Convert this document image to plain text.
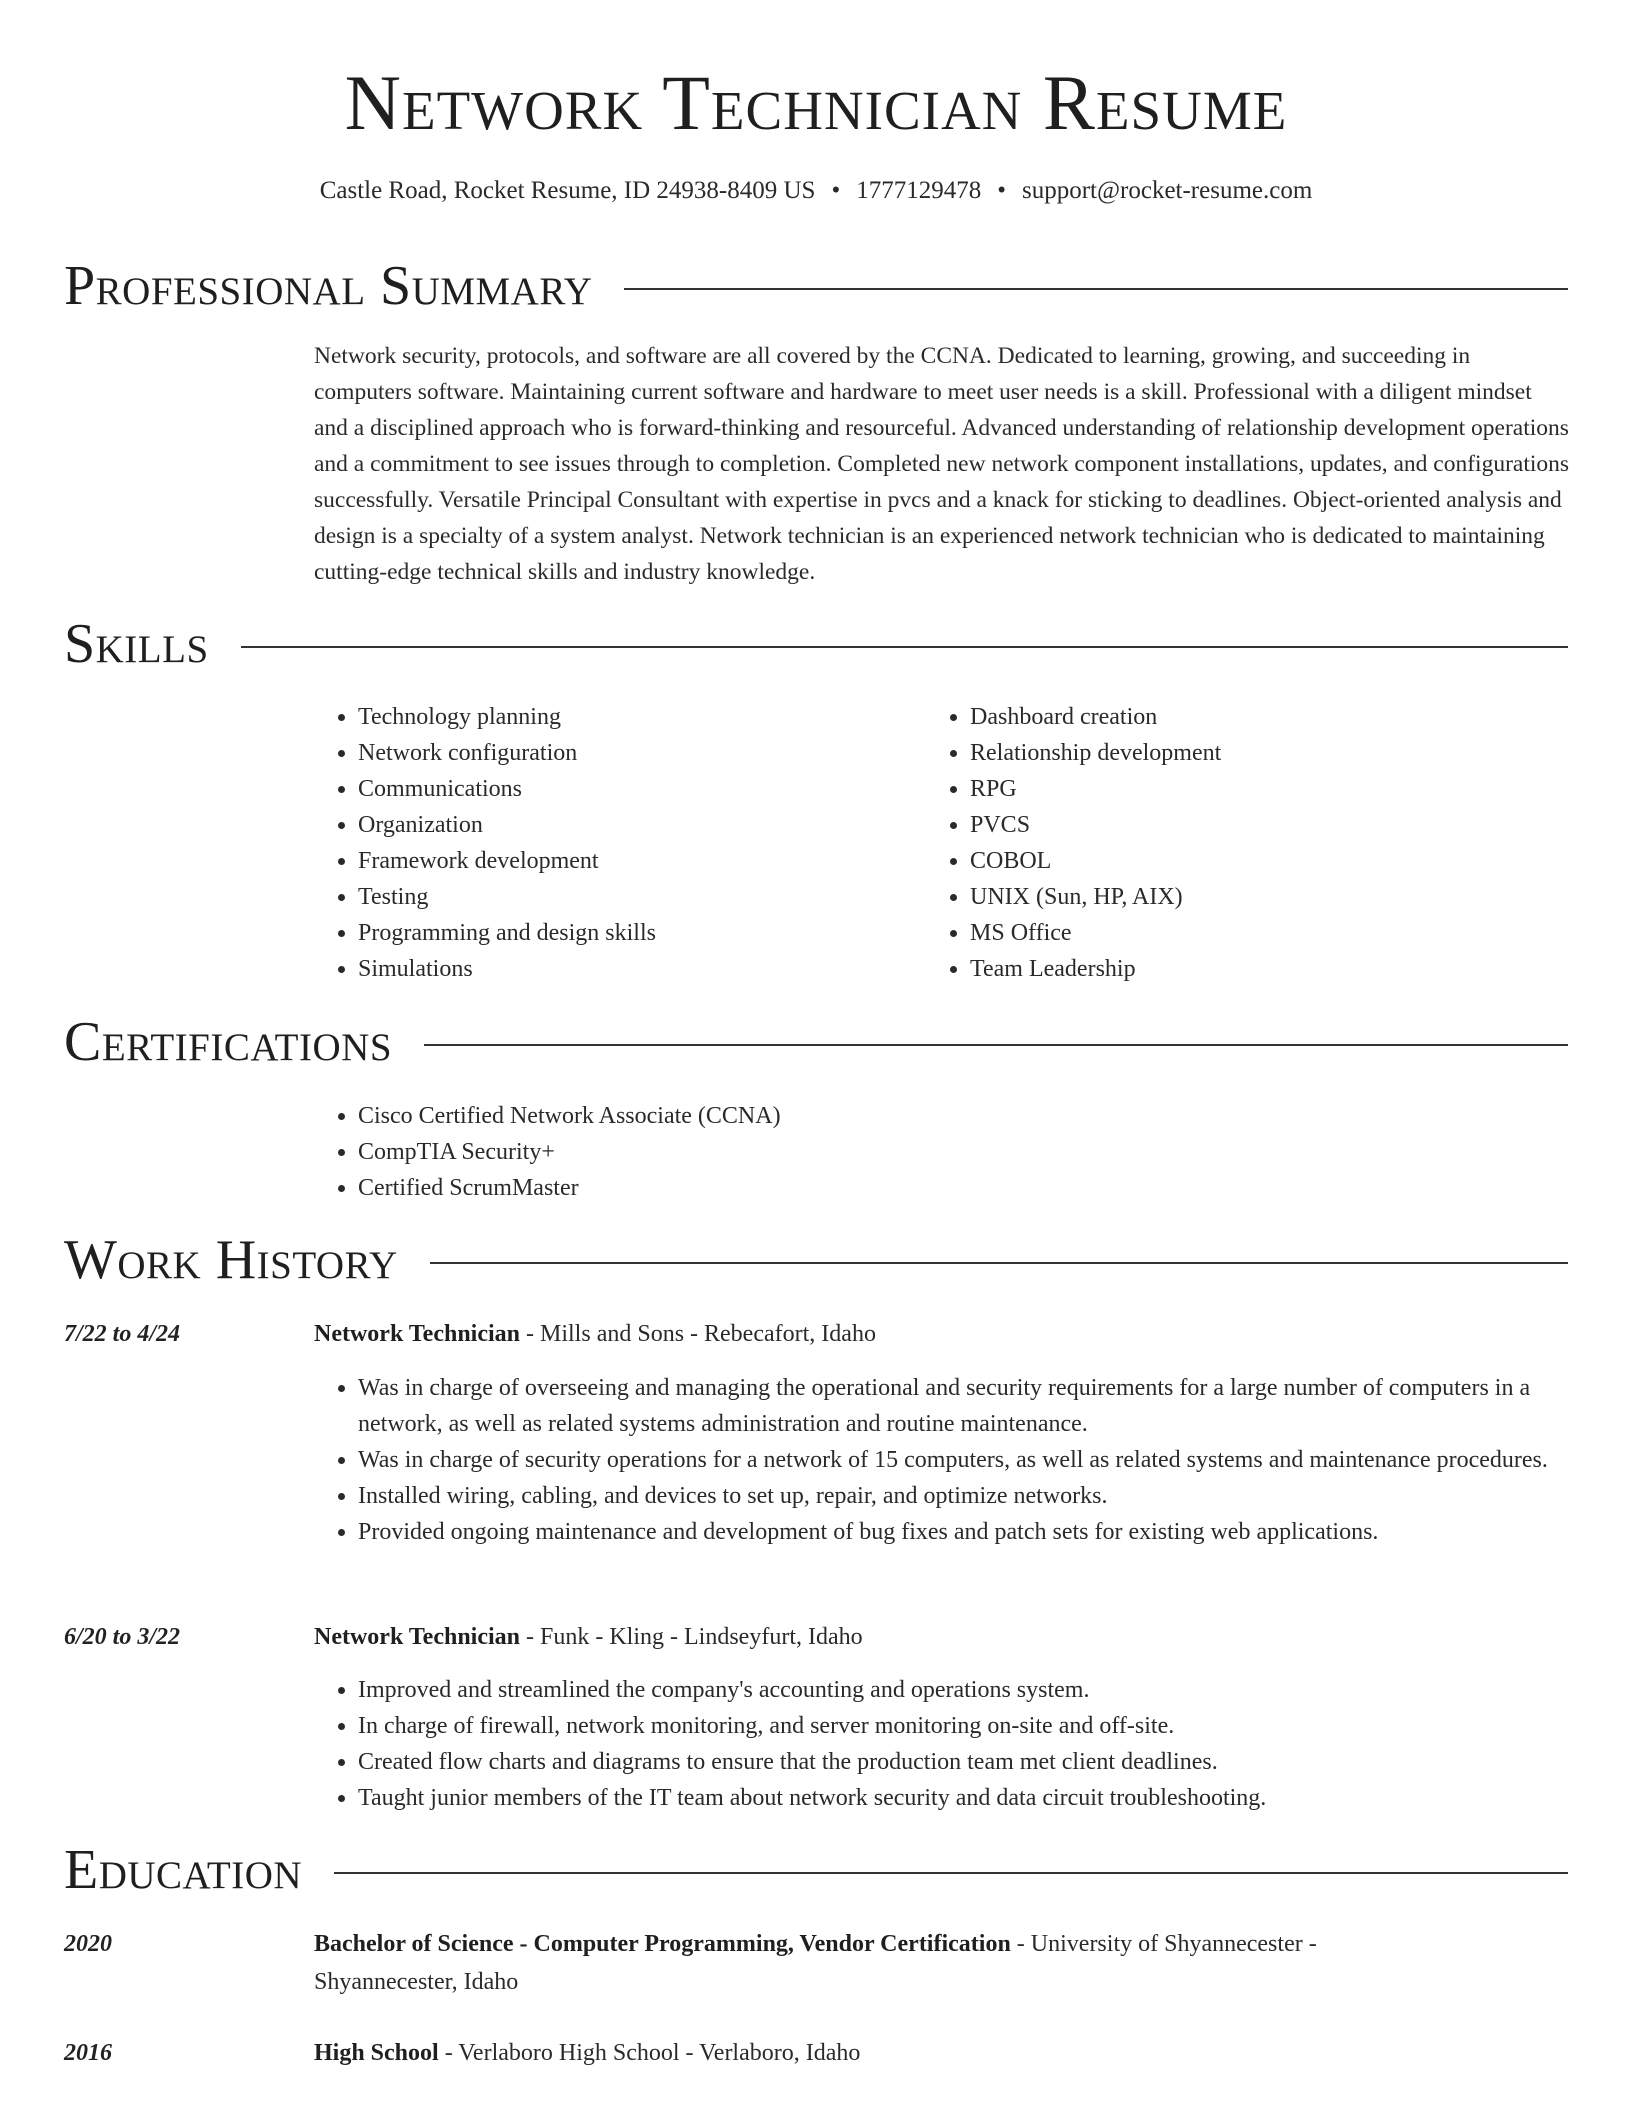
Network Technician Resume
Castle Road, Rocket Resume, ID 24938-8409 US • 1777129478 • support@rocket-resume.com
Professional Summary

Network security, protocols, and software are all covered by the CCNA. Dedicated to learning, growing, and succeeding in computers software. Maintaining current software and hardware to meet user needs is a skill. Professional with a diligent mindset and a disciplined approach who is forward-thinking and resourceful. Advanced understanding of relationship development operations and a commitment to see issues through to completion. Completed new network component installations, updates, and configurations successfully. Versatile Principal Consultant with expertise in pvcs and a knack for sticking to deadlines. Object-oriented analysis and design is a specialty of a system analyst. Network technician is an experienced network technician who is dedicated to maintaining cutting-edge technical skills and industry knowledge.

Skills
• Technology planning
• Network configuration
• Communications
• Organization
• Framework development
• Testing
• Programming and design skills
• Simulations
• Dashboard creation
• Relationship development
• RPG
• PVCS
• COBOL
• UNIX (Sun, HP, AIX)
• MS Office
• Team Leadership
Certifications
• Cisco Certified Network Associate (CCNA)
• CompTIA Security+
• Certified ScrumMaster
Work History
7/22 to 4/24	Network Technician - Mills and Sons - Rebecafort, Idaho
• Was in charge of overseeing and managing the operational and security requirements for a large number of computers in a network, as well as related systems administration and routine maintenance.
• Was in charge of security operations for a network of 15 computers, as well as related systems and maintenance procedures.
• Installed wiring, cabling, and devices to set up, repair, and optimize networks.
• Provided ongoing maintenance and development of bug fixes and patch sets for existing web applications.
6/20 to 3/22	Network Technician - Funk - Kling - Lindseyfurt, Idaho
• Improved and streamlined the company's accounting and operations system.
• In charge of firewall, network monitoring, and server monitoring on-site and off-site.
• Created flow charts and diagrams to ensure that the production team met client deadlines.
• Taught junior members of the IT team about network security and data circuit troubleshooting.
Education
2020	Bachelor of Science - Computer Programming, Vendor Certification - University of Shyannecester - Shyannecester, Idaho
2016	High School - Verlaboro High School - Verlaboro, Idaho
